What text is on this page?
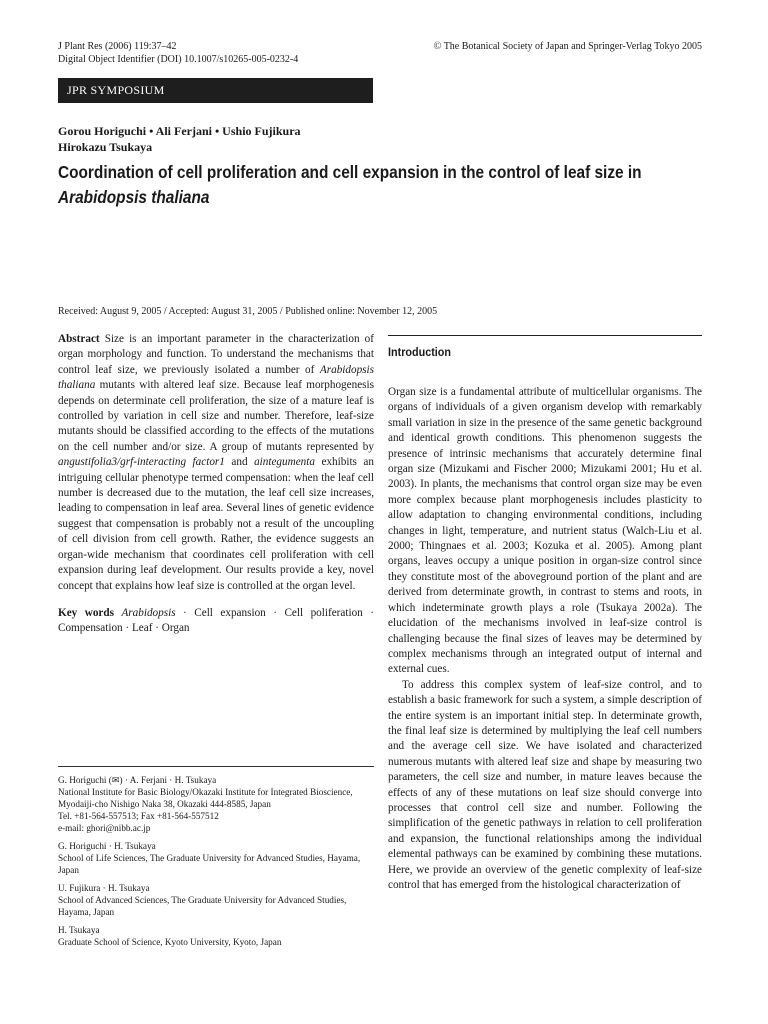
J Plant Res (2006) 119:37–42
Digital Object Identifier (DOI) 10.1007/s10265-005-0232-4
© The Botanical Society of Japan and Springer-Verlag Tokyo 2005
JPR SYMPOSIUM
Gorou Horiguchi • Ali Ferjani • Ushio Fujikura
Hirokazu Tsukaya
Coordination of cell proliferation and cell expansion in the control of leaf size in Arabidopsis thaliana
Received: August 9, 2005 / Accepted: August 31, 2005 / Published online: November 12, 2005

Abstract Size is an important parameter in the characterization of organ morphology and function. To understand the mechanisms that control leaf size, we previously isolated a number of Arabidopsis thaliana mutants with altered leaf size. Because leaf morphogenesis depends on determinate cell proliferation, the size of a mature leaf is controlled by variation in cell size and number. Therefore, leaf-size mutants should be classified according to the effects of the mutations on the cell number and/or size. A group of mutants represented by angustifolia3/grf-interacting factor1 and aintegumenta exhibits an intriguing cellular phenotype termed compensation: when the leaf cell number is decreased due to the mutation, the leaf cell size increases, leading to compensation in leaf area. Several lines of genetic evidence suggest that compensation is probably not a result of the uncoupling of cell division from cell growth. Rather, the evidence suggests an organ-wide mechanism that coordinates cell proliferation with cell expansion during leaf development. Our results provide a key, novel concept that explains how leaf size is controlled at the organ level.

Key words Arabidopsis · Cell expansion · Cell poliferation · Compensation · Leaf · Organ

G. Horiguchi (✉) · A. Ferjani · H. Tsukaya
National Institute for Basic Biology/Okazaki Institute for Integrated Bioscience, Myodaiji-cho Nishigo Naka 38, Okazaki 444-8585, Japan
Tel. +81-564-557513; Fax +81-564-557512
e-mail: ghori@nibb.ac.jp
G. Horiguchi · H. Tsukaya
School of Life Sciences, The Graduate University for Advanced Studies, Hayama, Japan
U. Fujikura · H. Tsukaya
School of Advanced Sciences, The Graduate University for Advanced Studies, Hayama, Japan
H. Tsukaya
Graduate School of Science, Kyoto University, Kyoto, Japan
Introduction

Organ size is a fundamental attribute of multicellular organisms. The organs of individuals of a given organism develop with remarkably small variation in size in the presence of the same genetic background and identical growth conditions. This phenomenon suggests the presence of intrinsic mechanisms that accurately determine final organ size (Mizukami and Fischer 2000; Mizukami 2001; Hu et al. 2003). In plants, the mechanisms that control organ size may be even more complex because plant morphogenesis includes plasticity to allow adaptation to changing environmental conditions, including changes in light, temperature, and nutrient status (Walch-Liu et al. 2000; Thingnaes et al. 2003; Kozuka et al. 2005). Among plant organs, leaves occupy a unique position in organ-size control since they constitute most of the aboveground portion of the plant and are derived from determinate growth, in contrast to stems and roots, in which indeterminate growth plays a role (Tsukaya 2002a). The elucidation of the mechanisms involved in leaf-size control is challenging because the final sizes of leaves may be determined by complex mechanisms through an integrated output of internal and external cues.

To address this complex system of leaf-size control, and to establish a basic framework for such a system, a simple description of the entire system is an important initial step. In determinate growth, the final leaf size is determined by multiplying the leaf cell numbers and the average cell size. We have isolated and characterized numerous mutants with altered leaf size and shape by measuring two parameters, the cell size and number, in mature leaves because the effects of any of these mutations on leaf size should converge into processes that control cell size and number. Following the simplification of the genetic pathways in relation to cell proliferation and expansion, the functional relationships among the individual elemental pathways can be examined by combining these mutations. Here, we provide an overview of the genetic complexity of leaf-size control that has emerged from the histological characterization of
